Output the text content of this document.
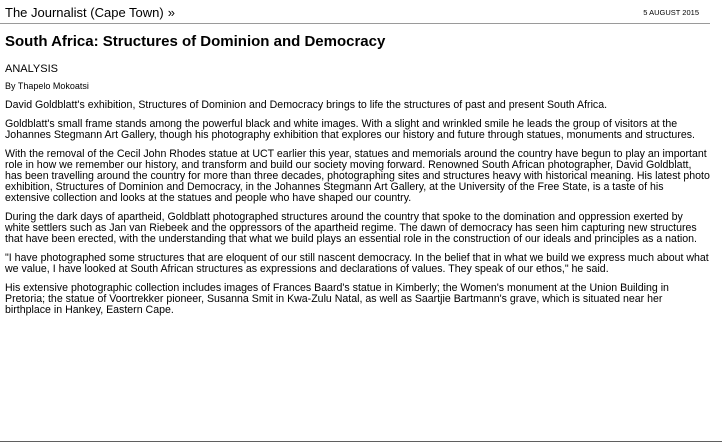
The Journalist (Cape Town) »	5 AUGUST 2015
South Africa: Structures of Dominion and Democracy
ANALYSIS
By Thapelo Mokoatsi

David Goldblatt's exhibition, Structures of Dominion and Democracy brings to life the structures of past and present South Africa.

Goldblatt's small frame stands among the powerful black and white images. With a slight and wrinkled smile he leads the group of visitors at the Johannes Stegmann Art Gallery, though his photography exhibition that explores our history and future through statues, monuments and structures.

With the removal of the Cecil John Rhodes statue at UCT earlier this year, statues and memorials around the country have begun to play an important role in how we remember our history, and transform and build our society moving forward. Renowned South African photographer, David Goldblatt, has been travelling around the country for more than three decades, photographing sites and structures heavy with historical meaning. His latest photo exhibition, Structures of Dominion and Democracy, in the Johannes Stegmann Art Gallery, at the University of the Free State, is a taste of his extensive collection and looks at the statues and people who have shaped our country.

During the dark days of apartheid, Goldblatt photographed structures around the country that spoke to the domination and oppression exerted by white settlers such as Jan van Riebeek and the oppressors of the apartheid regime. The dawn of democracy has seen him capturing new structures that have been erected, with the understanding that what we build plays an essential role in the construction of our ideals and principles as a nation.

"I have photographed some structures that are eloquent of our still nascent democracy. In the belief that in what we build we express much about what we value, I have looked at South African structures as expressions and declarations of values. They speak of our ethos," he said.

His extensive photographic collection includes images of Frances Baard's statue in Kimberly; the Women's monument at the Union Building in Pretoria; the statue of Voortrekker pioneer, Susanna Smit in Kwa-Zulu Natal, as well as Saartjie Bartmann's grave, which is situated near her birthplace in Hankey, Eastern Cape.
